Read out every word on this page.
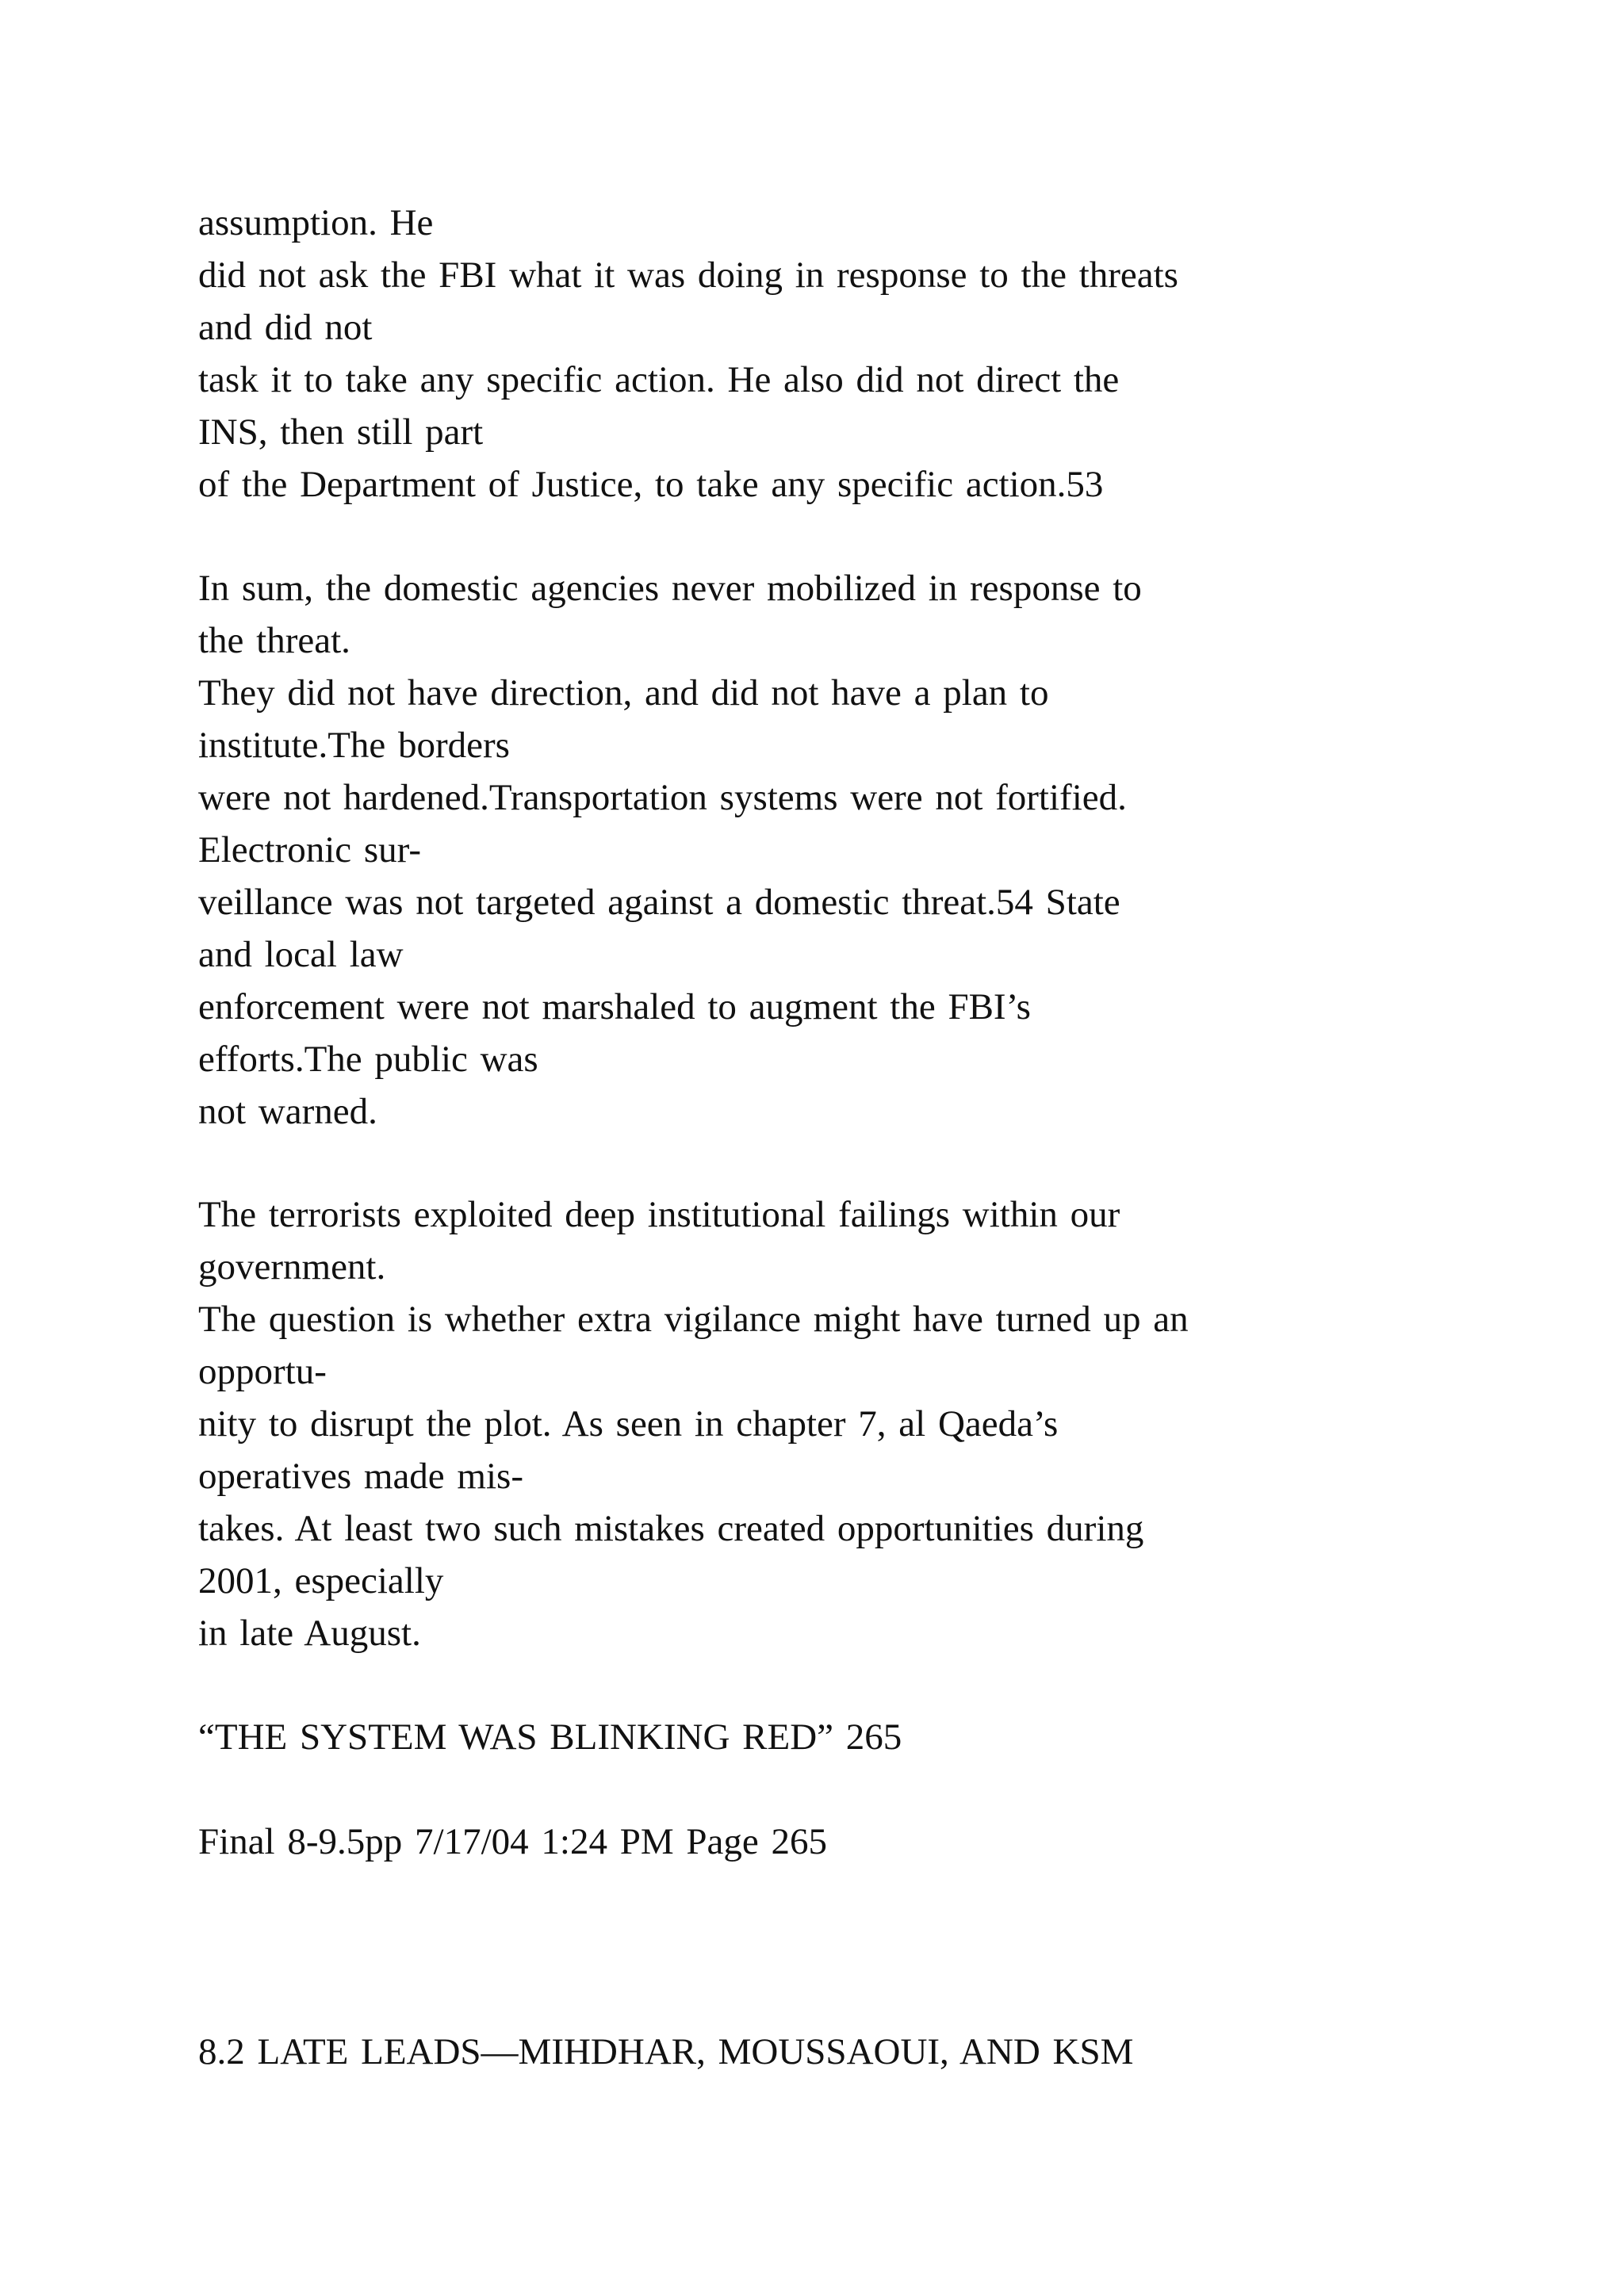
assumption. He
did not ask the FBI what it was doing in response to the threats
and did not
task it to take any specific action. He also did not direct the
INS, then still part
of the Department of Justice, to take any specific action.53
In sum, the domestic agencies never mobilized in response to
the threat.
They did not have direction, and did not have a plan to
institute.The borders
were not hardened.Transportation systems were not fortified.
Electronic sur-
veillance was not targeted against a domestic threat.54 State
and local law
enforcement were not marshaled to augment the FBI’s
efforts.The public was
not warned.
The terrorists exploited deep institutional failings within our
government.
The question is whether extra vigilance might have turned up an
opportu-
nity to disrupt the plot. As seen in chapter 7, al Qaeda’s
operatives made mis-
takes. At least two such mistakes created opportunities during
2001, especially
in late August.
“THE SYSTEM WAS BLINKING RED” 265
Final 8-9.5pp 7/17/04 1:24 PM Page 265
8.2 LATE LEADS—MIHDHAR, MOUSSAOUI, AND KSM
